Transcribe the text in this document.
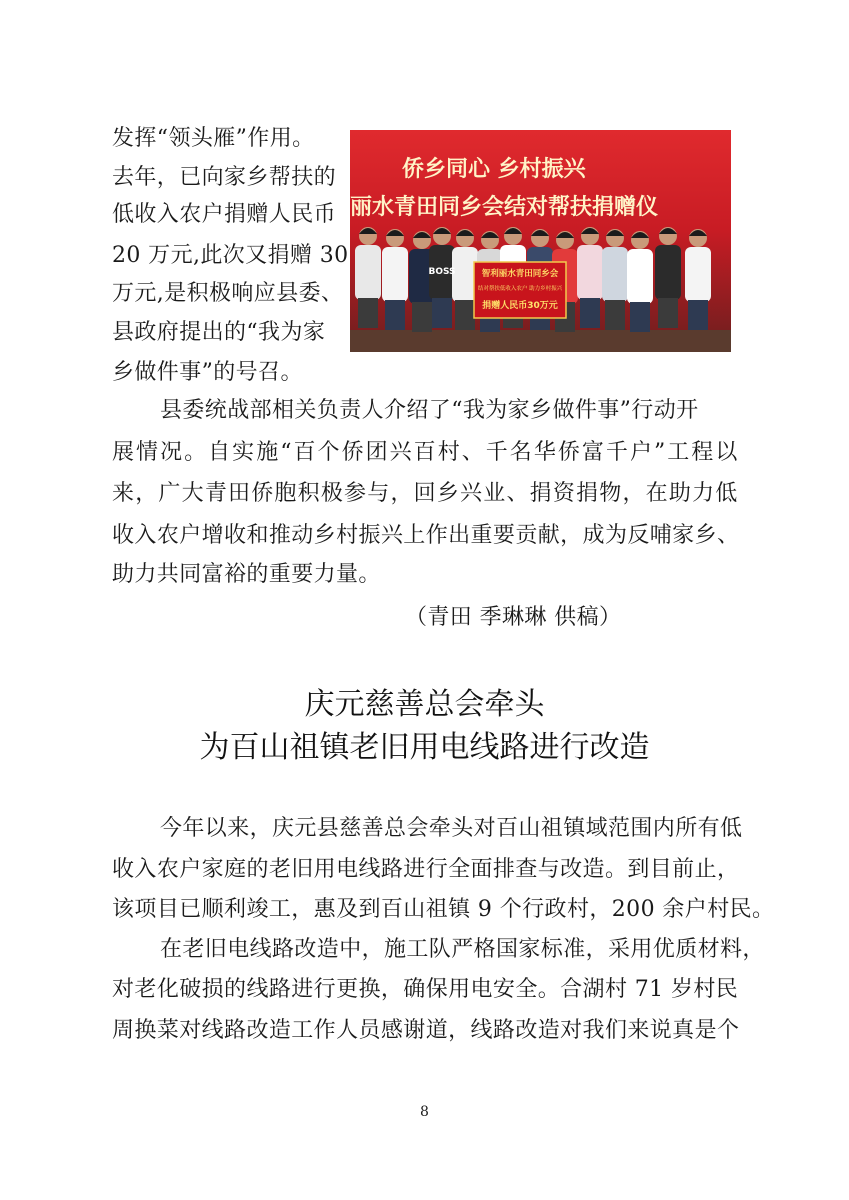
发挥“领头雁”作用。
去年，已向家乡帮扶的
低收入农户捐赠人民币
20 万元,此次又捐赠 30
万元,是积极响应县委、
县政府提出的“我为家
乡做件事”的号召。
侨乡同心 乡村振兴
丽水青田同乡会结对帮扶捐赠仪
智利丽水青田同乡会
结对帮扶低收入农户 助力乡村振兴
捐赠人民币30万元
BOSS
县委统战部相关负责人介绍了“我为家乡做件事”行动开
展 情 况 。 自 实 施 “ 百 个 侨 团 兴 百 村 、 千 名 华 侨 富 千 户 ” 工 程 以
来 ， 广 大 青 田 侨 胞 积 极 参 与 ， 回 乡 兴 业 、 捐 资 捐 物 ， 在 助 力 低
收 入 农 户 增 收 和 推 动 乡 村 振 兴 上 作 出 重 要 贡 献 ， 成 为 反 哺 家 乡 、
助力共同富裕的重要力量。
（青田 季琳琳 供稿）
庆元慈善总会牵头
为百山祖镇老旧用电线路进行改造
今年以来，庆元县慈善总会牵头对百山祖镇域范围内所有低
收 入 农 户 家 庭 的 老 旧 用 电 线 路 进 行 全 面 排 查 与 改 造 。 到 目 前 止 ，
该 项 目 已 顺 利 竣 工 ， 惠 及 到 百 山 祖 镇
9
个 行 政 村 ， 2 0 0
余 户 村 民 。
在老旧电线路改造中，施工队严格国家标准，采用优质材料，
对 老 化 破 损 的 线 路 进 行 更 换 ， 确 保 用 电 安 全 。 合 湖 村
7 1
岁 村 民
周 换 菜 对 线 路 改 造 工 作 人 员 感 谢 道 ， 线 路 改 造 对 我 们 来 说 真 是 个
8
